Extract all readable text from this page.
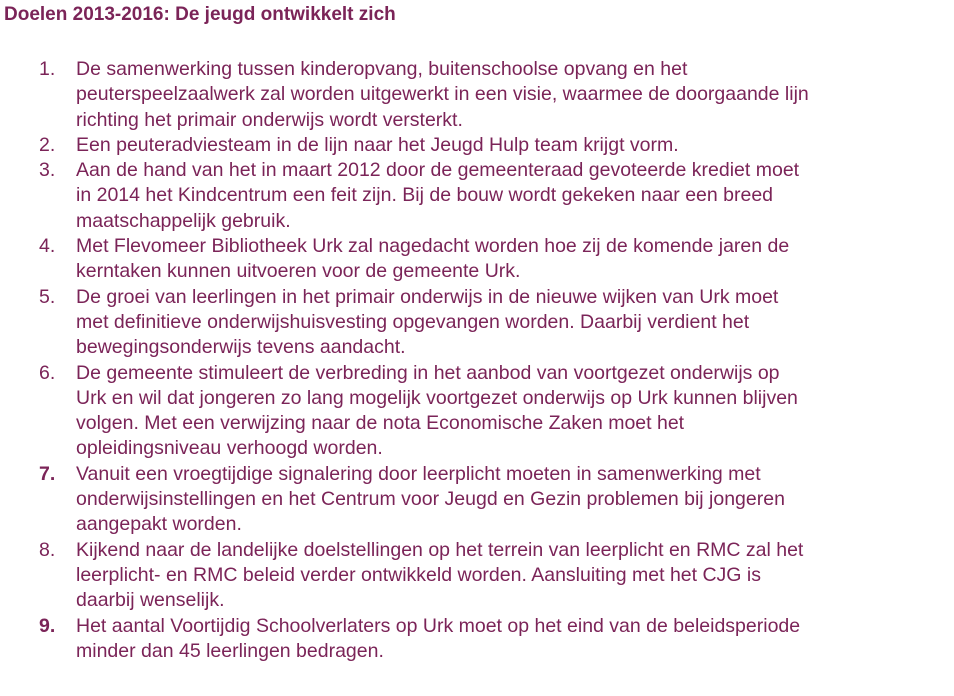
Doelen 2013-2016: De jeugd ontwikkelt zich
1. De samenwerking tussen kinderopvang, buitenschoolse opvang en het
peuterspeelzaalwerk zal worden uitgewerkt in een visie, waarmee de doorgaande lijn
richting het primair onderwijs wordt versterkt.
2. Een peuteradviesteam in de lijn naar het Jeugd Hulp team krijgt vorm.
3. Aan de hand van het in maart 2012 door de gemeenteraad gevoteerde krediet moet
in 2014 het Kindcentrum een feit zijn. Bij de bouw wordt gekeken naar een breed
maatschappelijk gebruik.
4. Met Flevomeer Bibliotheek Urk zal nagedacht worden hoe zij de komende jaren de
kerntaken kunnen uitvoeren voor de gemeente Urk.
5. De groei van leerlingen in het primair onderwijs in de nieuwe wijken van Urk moet
met definitieve onderwijshuisvesting opgevangen worden. Daarbij verdient het
bewegingsonderwijs tevens aandacht.
6. De gemeente stimuleert de verbreding in het aanbod van voortgezet onderwijs op
Urk en wil dat jongeren zo lang mogelijk voortgezet onderwijs op Urk kunnen blijven
volgen. Met een verwijzing naar de nota Economische Zaken moet het
opleidingsniveau verhoogd worden.
7. Vanuit een vroegtijdige signalering door leerplicht moeten in samenwerking met
onderwijsinstellingen en het Centrum voor Jeugd en Gezin problemen bij jongeren
aangepakt worden.
8. Kijkend naar de landelijke doelstellingen op het terrein van leerplicht en RMC zal het
leerplicht- en RMC beleid verder ontwikkeld worden. Aansluiting met het CJG is
daarbij wenselijk.
9. Het aantal Voortijdig Schoolverlaters op Urk moet op het eind van de beleidsperiode
minder dan 45 leerlingen bedragen.
